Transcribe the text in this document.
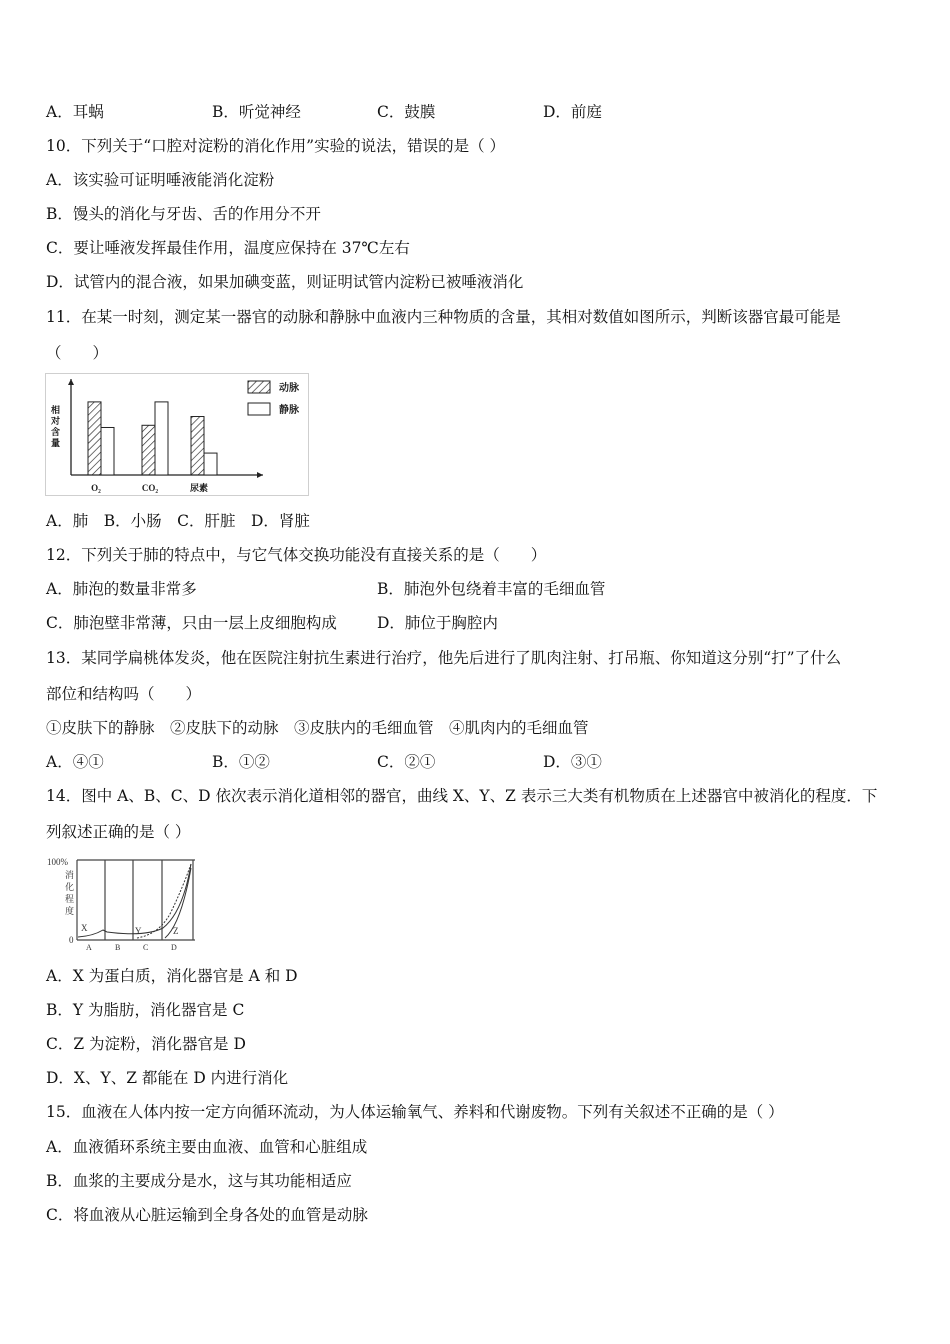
A．耳蜗	B．听觉神经	C．鼓膜	D．前庭
10．下列关于“口腔对淀粉的消化作用”实验的说法，错误的是（ ）
A．该实验可证明唾液能消化淀粉
B．馒头的消化与牙齿、舌的作用分不开
C．要让唾液发挥最佳作用，温度应保持在 37℃左右
D．试管内的混合液，如果加碘变蓝，则证明试管内淀粉已被唾液消化
11．在某一时刻，测定某一器官的动脉和静脉中血液内三种物质的含量，其相对数值如图所示，判断该器官最可能是
（　　）
相
对
含
量
O₂	CO₂	尿素
动脉
静脉
A．肺　B．小肠　C．肝脏　D．肾脏
12．下列关于肺的特点中，与它气体交换功能没有直接关系的是（　　）
A．肺泡的数量非常多	B．肺泡外包绕着丰富的毛细血管
C．肺泡壁非常薄，只由一层上皮细胞构成	D．肺位于胸腔内
13．某同学扁桃体发炎，他在医院注射抗生素进行治疗，他先后进行了肌肉注射、打吊瓶、你知道这分别“打”了什么
部位和结构吗（　　）
①皮肤下的静脉　②皮肤下的动脉　③皮肤内的毛细血管　④肌肉内的毛细血管
A．④①	B．①②	C．②①	D．③①
14．图中 A、B、C、D 依次表示消化道相邻的器官，曲线 X、Y、Z 表示三大类有机物质在上述器官中被消化的程度．下
列叙述正确的是（ ）
100%
消
化
程
度
0
X	Y	Z
A	B	C	D
A．X 为蛋白质，消化器官是 A 和 D
B．Y 为脂肪，消化器官是 C
C．Z 为淀粉，消化器官是 D
D．X、Y、Z 都能在 D 内进行消化
15．血液在人体内按一定方向循环流动，为人体运输氧气、养料和代谢废物。下列有关叙述不正确的是（ ）
A．血液循环系统主要由血液、血管和心脏组成
B．血浆的主要成分是水，这与其功能相适应
C．将血液从心脏运输到全身各处的血管是动脉
